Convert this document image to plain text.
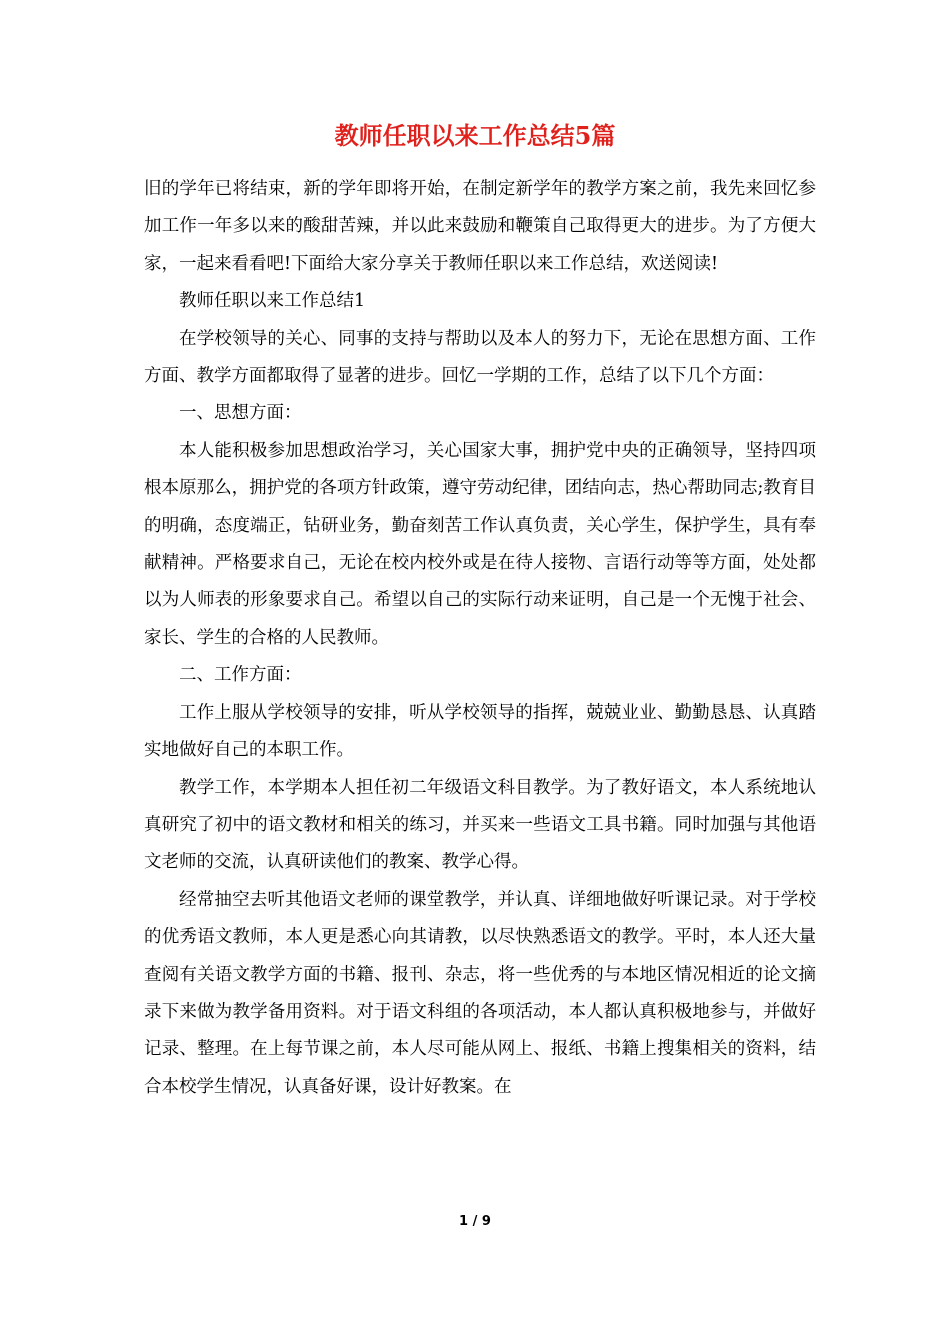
教师任职以来工作总结5篇

旧的学年已将结束，新的学年即将开始，在制定新学年的教学方案之前，我先来回忆参加工作一年多以来的酸甜苦辣，并以此来鼓励和鞭策自己取得更大的进步。为了方便大家，一起来看看吧!下面给大家分享关于教师任职以来工作总结，欢送阅读!

教师任职以来工作总结1

在学校领导的关心、同事的支持与帮助以及本人的努力下，无论在思想方面、工作方面、教学方面都取得了显著的进步。回忆一学期的工作，总结了以下几个方面：

一、思想方面：

本人能积极参加思想政治学习，关心国家大事，拥护党中央的正确领导，坚持四项根本原那么，拥护党的各项方针政策，遵守劳动纪律，团结向志，热心帮助同志;教育目的明确，态度端正，钻研业务，勤奋刻苦工作认真负责，关心学生，保护学生，具有奉献精神。严格要求自己，无论在校内校外或是在待人接物、言语行动等等方面，处处都以为人师表的形象要求自己。希望以自己的实际行动来证明，自己是一个无愧于社会、家长、学生的合格的人民教师。

二、工作方面：

工作上服从学校领导的安排，听从学校领导的指挥，兢兢业业、勤勤恳恳、认真踏实地做好自己的本职工作。

教学工作，本学期本人担任初二年级语文科目教学。为了教好语文，本人系统地认真研究了初中的语文教材和相关的练习，并买来一些语文工具书籍。同时加强与其他语文老师的交流，认真研读他们的教案、教学心得。

经常抽空去听其他语文老师的课堂教学，并认真、详细地做好听课记录。对于学校的优秀语文教师，本人更是悉心向其请教，以尽快熟悉语文的教学。平时，本人还大量查阅有关语文教学方面的书籍、报刊、杂志，将一些优秀的与本地区情况相近的论文摘录下来做为教学备用资料。对于语文科组的各项活动，本人都认真积极地参与，并做好记录、整理。在上每节课之前，本人尽可能从网上、报纸、书籍上搜集相关的资料，结合本校学生情况，认真备好课，设计好教案。在

1 / 9
